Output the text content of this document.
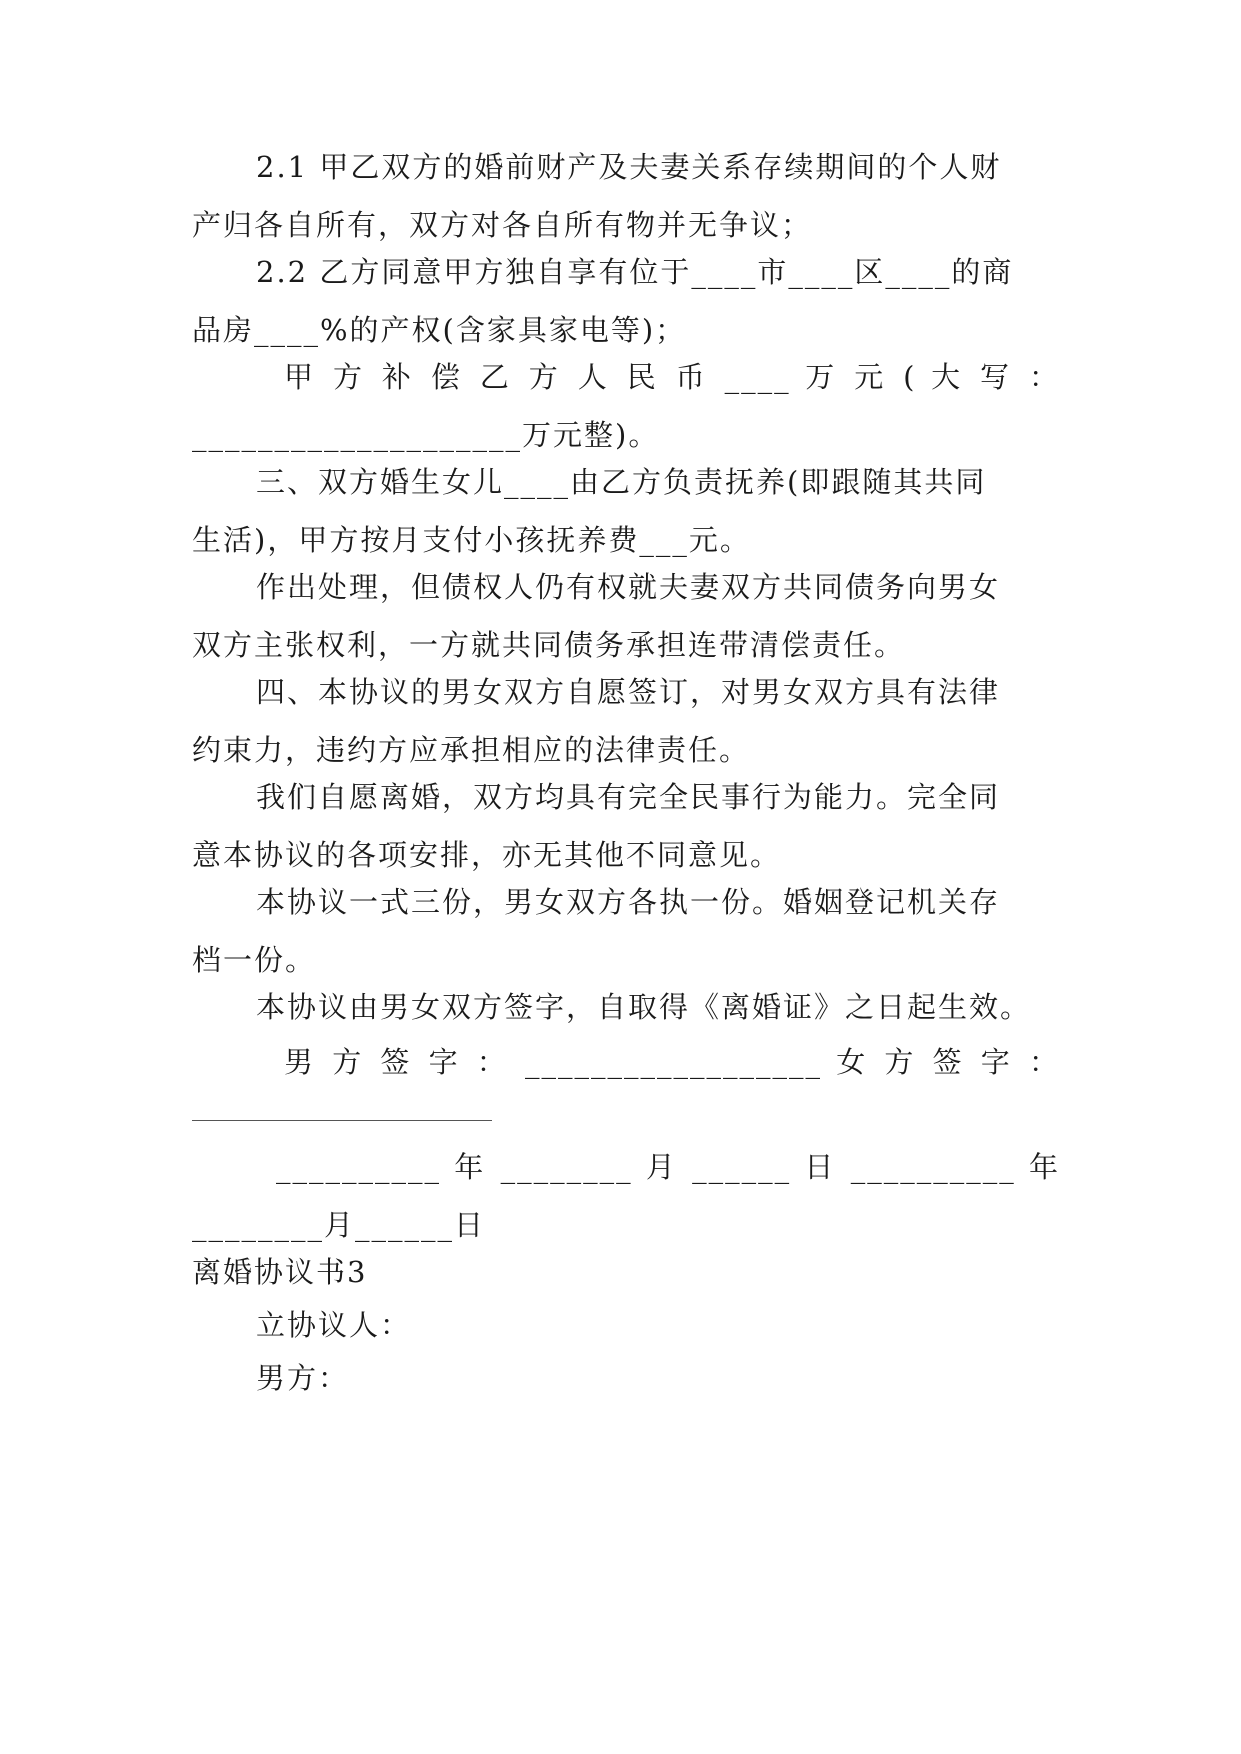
2.1 甲乙双方的婚前财产及夫妻关系存续期间的个人财
产归各自所有，双方对各自所有物并无争议；

2.2 乙方同意甲方独自享有位于____市____区____的商
品房____%的产权(含家具家电等)；

甲 方 补 偿 乙 方 人 民 币 ____ 万 元 ( 大 写 ：
____________________万元整)。

三、双方婚生女儿____由乙方负责抚养(即跟随其共同
生活)，甲方按月支付小孩抚养费___元。

作出处理，但债权人仍有权就夫妻双方共同债务向男女
双方主张权利，一方就共同债务承担连带清偿责任。

四、本协议的男女双方自愿签订，对男女双方具有法律
约束力，违约方应承担相应的法律责任。

我们自愿离婚，双方均具有完全民事行为能力。完全同
意本协议的各项安排，亦无其他不同意见。

本协议一式三份，男女双方各执一份。婚姻登记机关存
档一份。

本协议由男女双方签字，自取得《离婚证》之日起生效。

男 方 签 字 ： __________________ 女 方 签 字 ：

__________ 年 ________ 月 ______ 日 __________ 年
________月______日

离婚协议书3

立协议人：

男方：
